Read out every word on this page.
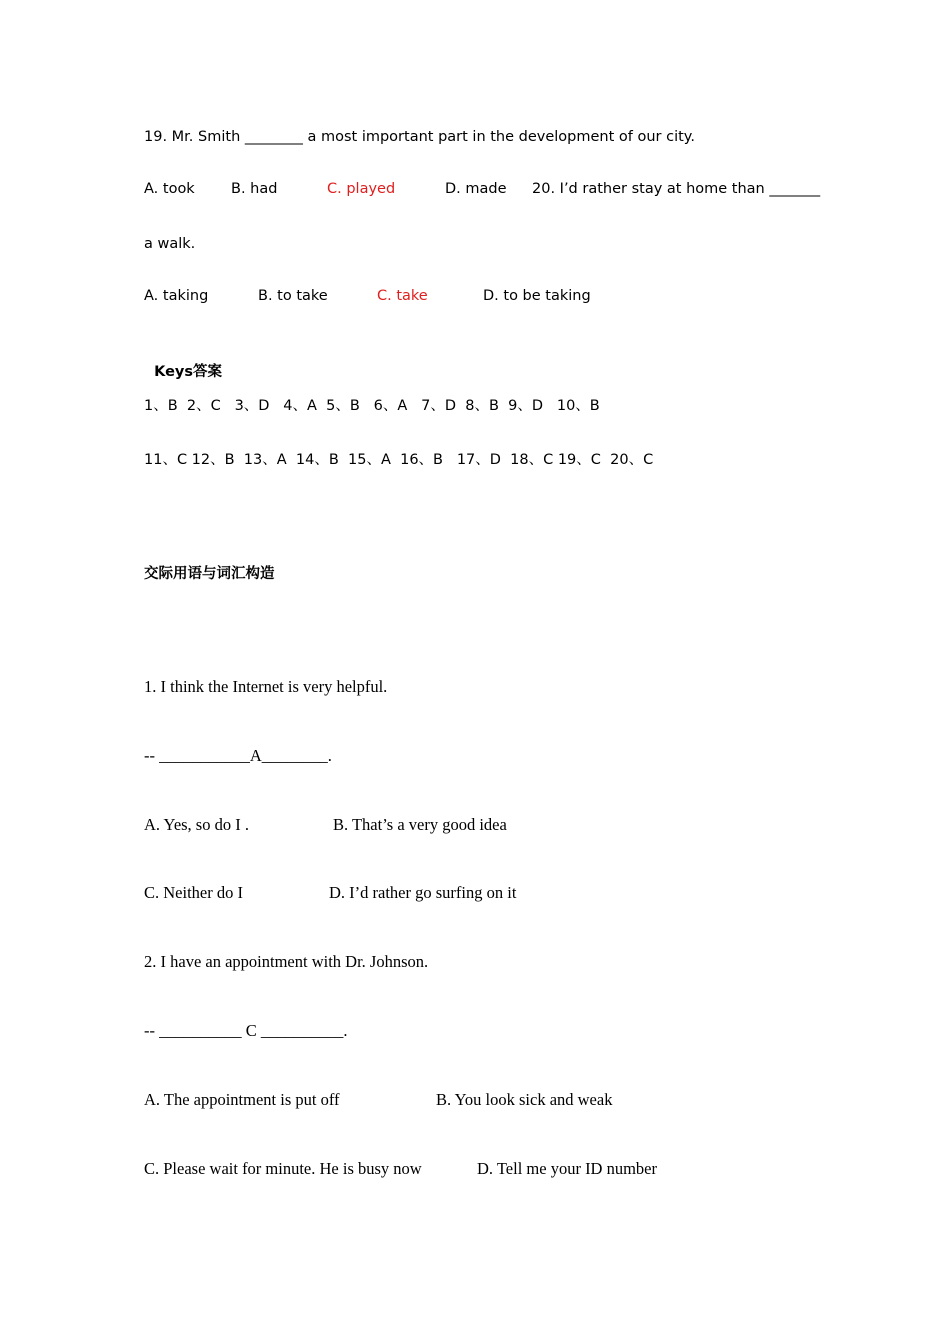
19. Mr. Smith ________ a most important part in the development of our city.
A. took	B. had	C. played	D. made 20. I’d rather stay at home than _______
a walk.
A. taking	B. to take	C. take	D. to be taking

Keys答案

1、B  2、C   3、D   4、A  5、B   6、A   7、D  8、B  9、D   10、B
11、C 12、B  13、A  14、B  15、A  16、B   17、D  18、C 19、C  20、C
交际用语与词汇构造
1. I think the Internet is very helpful.
-- ___________A________.
A. Yes, so do I .	B. That’s a very good idea
C. Neither do I	D. I’d rather go surfing on it
2. I have an appointment with Dr. Johnson.
-- __________ C __________.
A. The appointment is put off	B. You look sick and weak
C. Please wait for minute. He is busy now	D. Tell me your ID number
